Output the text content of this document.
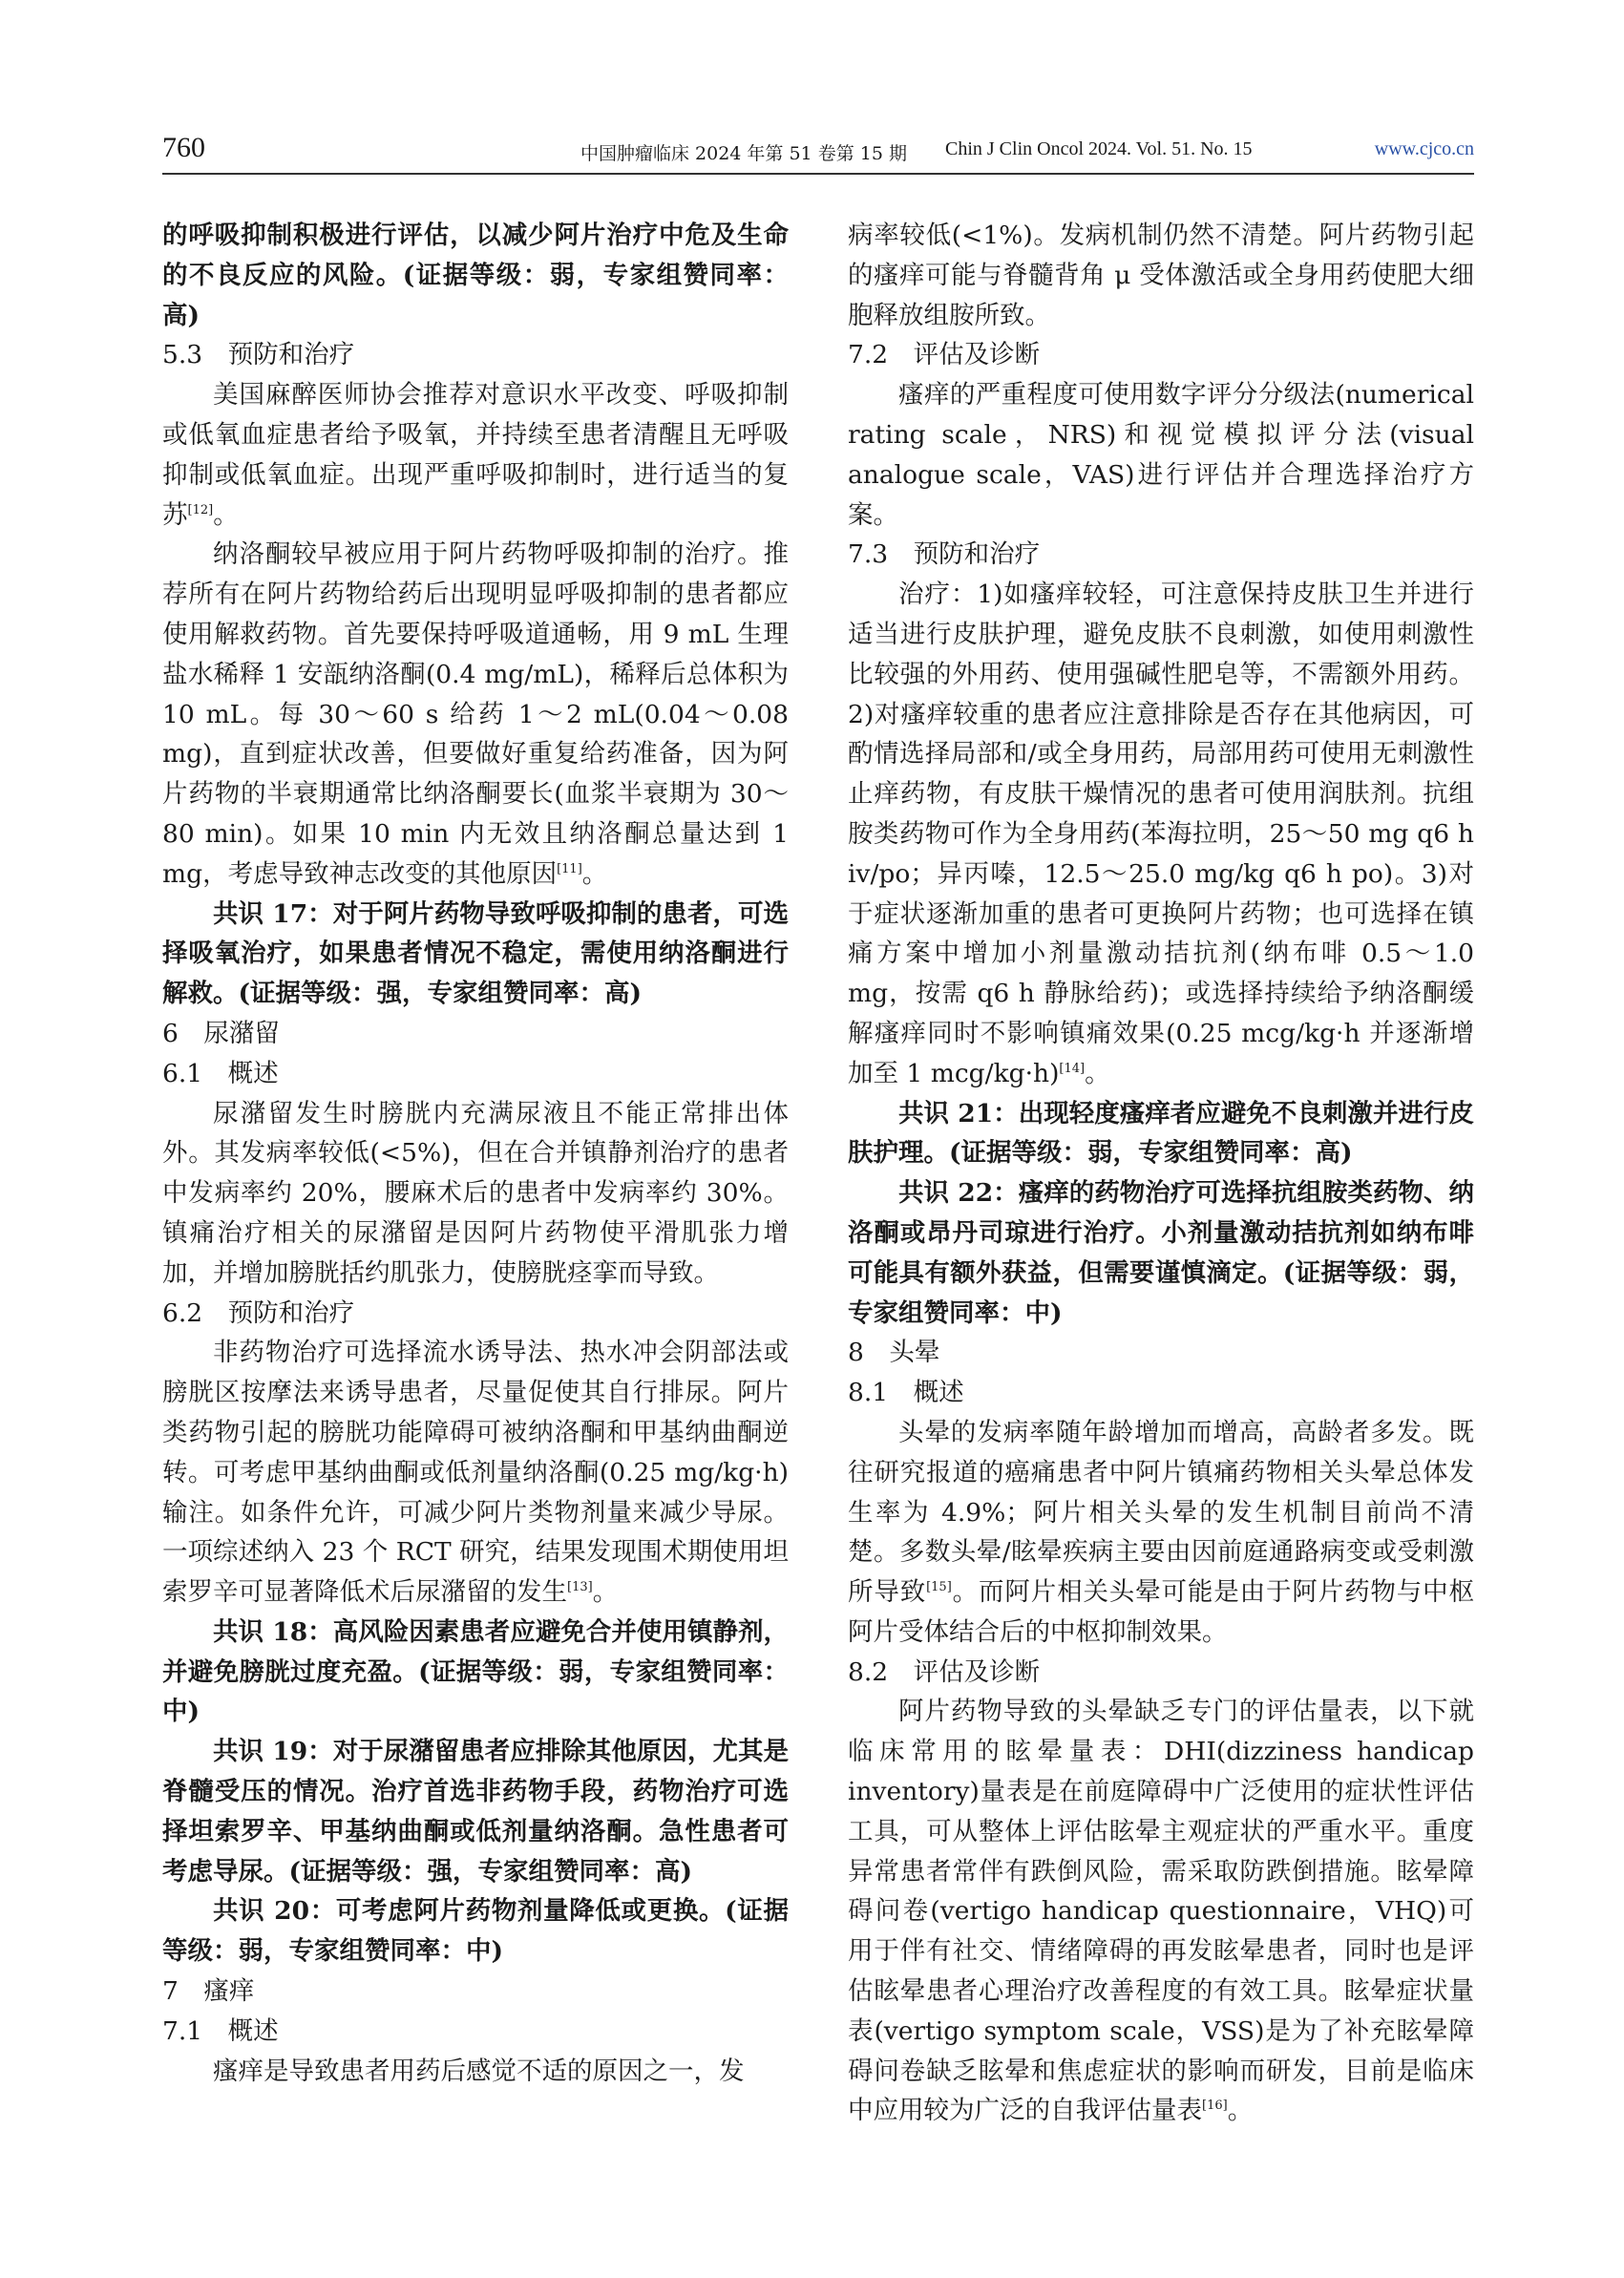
760	中国肿瘤临床 2024 年第 51 卷第 15 期 Chin J Clin Oncol 2024. Vol. 51. No. 15	www.cjco.cn

的呼吸抑制积极进行评估，以减少阿片治疗中危及生命的不良反应的风险。(证据等级：弱，专家组赞同率：高)

5.3　预防和治疗

美国麻醉医师协会推荐对意识水平改变、呼吸抑制或低氧血症患者给予吸氧，并持续至患者清醒且无呼吸抑制或低氧血症。出现严重呼吸抑制时，进行适当的复苏[12]。

纳洛酮较早被应用于阿片药物呼吸抑制的治疗。推荐所有在阿片药物给药后出现明显呼吸抑制的患者都应使用解救药物。首先要保持呼吸道通畅，用 9 mL 生理盐水稀释 1 安瓿纳洛酮(0.4 mg/mL)，稀释后总体积为 10 mL。每 30～60 s 给药 1～2 mL(0.04～0.08 mg)，直到症状改善，但要做好重复给药准备，因为阿片药物的半衰期通常比纳洛酮要长(血浆半衰期为 30～80 min)。如果 10 min 内无效且纳洛酮总量达到 1 mg，考虑导致神志改变的其他原因[11]。

共识 17：对于阿片药物导致呼吸抑制的患者，可选择吸氧治疗，如果患者情况不稳定，需使用纳洛酮进行解救。(证据等级：强，专家组赞同率：高)

6　尿潴留

6.1　概述

尿潴留发生时膀胱内充满尿液且不能正常排出体外。其发病率较低(<5%)，但在合并镇静剂治疗的患者中发病率约 20%，腰麻术后的患者中发病率约 30%。镇痛治疗相关的尿潴留是因阿片药物使平滑肌张力增加，并增加膀胱括约肌张力，使膀胱痉挛而导致。

6.2　预防和治疗

非药物治疗可选择流水诱导法、热水冲会阴部法或膀胱区按摩法来诱导患者，尽量促使其自行排尿。阿片类药物引起的膀胱功能障碍可被纳洛酮和甲基纳曲酮逆转。可考虑甲基纳曲酮或低剂量纳洛酮(0.25 mg/kg·h)输注。如条件允许，可减少阿片类物剂量来减少导尿。一项综述纳入 23 个 RCT 研究，结果发现围术期使用坦索罗辛可显著降低术后尿潴留的发生[13]。

共识 18：高风险因素患者应避免合并使用镇静剂，并避免膀胱过度充盈。(证据等级：弱，专家组赞同率：中)

共识 19：对于尿潴留患者应排除其他原因，尤其是脊髓受压的情况。治疗首选非药物手段，药物治疗可选择坦索罗辛、甲基纳曲酮或低剂量纳洛酮。急性患者可考虑导尿。(证据等级：强，专家组赞同率：高)

共识 20：可考虑阿片药物剂量降低或更换。(证据等级：弱，专家组赞同率：中)

7　瘙痒

7.1　概述

瘙痒是导致患者用药后感觉不适的原因之一，发

病率较低(<1%)。发病机制仍然不清楚。阿片药物引起的瘙痒可能与脊髓背角 μ 受体激活或全身用药使肥大细胞释放组胺所致。

7.2　评估及诊断

瘙痒的严重程度可使用数字评分分级法(numerical rating scale，NRS)和视觉模拟评分法(visual analogue scale，VAS)进行评估并合理选择治疗方案。

7.3　预防和治疗

治疗：1)如瘙痒较轻，可注意保持皮肤卫生并进行适当进行皮肤护理，避免皮肤不良刺激，如使用刺激性比较强的外用药、使用强碱性肥皂等，不需额外用药。2)对瘙痒较重的患者应注意排除是否存在其他病因，可酌情选择局部和/或全身用药，局部用药可使用无刺激性止痒药物，有皮肤干燥情况的患者可使用润肤剂。抗组胺类药物可作为全身用药(苯海拉明，25～50 mg q6 h iv/po；异丙嗪，12.5～25.0 mg/kg q6 h po)。3)对于症状逐渐加重的患者可更换阿片药物；也可选择在镇痛方案中增加小剂量激动拮抗剂(纳布啡 0.5～1.0 mg，按需 q6 h 静脉给药)；或选择持续给予纳洛酮缓解瘙痒同时不影响镇痛效果(0.25 mcg/kg·h 并逐渐增加至 1 mcg/kg·h)[14]。

共识 21：出现轻度瘙痒者应避免不良刺激并进行皮肤护理。(证据等级：弱，专家组赞同率：高)

共识 22：瘙痒的药物治疗可选择抗组胺类药物、纳洛酮或昂丹司琼进行治疗。小剂量激动拮抗剂如纳布啡可能具有额外获益，但需要谨慎滴定。(证据等级：弱，专家组赞同率：中)

8　头晕

8.1　概述

头晕的发病率随年龄增加而增高，高龄者多发。既往研究报道的癌痛患者中阿片镇痛药物相关头晕总体发生率为 4.9%；阿片相关头晕的发生机制目前尚不清楚。多数头晕/眩晕疾病主要由因前庭通路病变或受刺激所导致[15]。而阿片相关头晕可能是由于阿片药物与中枢阿片受体结合后的中枢抑制效果。

8.2　评估及诊断

阿片药物导致的头晕缺乏专门的评估量表，以下就临床常用的眩晕量表：DHI(dizziness handicap inventory)量表是在前庭障碍中广泛使用的症状性评估工具，可从整体上评估眩晕主观症状的严重水平。重度异常患者常伴有跌倒风险，需采取防跌倒措施。眩晕障碍问卷(vertigo handicap questionnaire，VHQ)可用于伴有社交、情绪障碍的再发眩晕患者，同时也是评估眩晕患者心理治疗改善程度的有效工具。眩晕症状量表(vertigo symptom scale，VSS)是为了补充眩晕障碍问卷缺乏眩晕和焦虑症状的影响而研发，目前是临床中应用较为广泛的自我评估量表[16]。
